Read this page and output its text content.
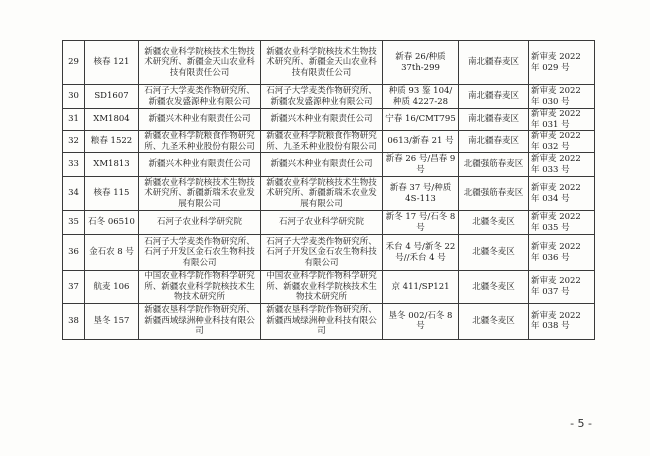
29	核春 121	新疆农业科学院核技术生物技术研究所、新疆金天山农业科技有限责任公司	新疆农业科学院核技术生物技术研究所、新疆金天山农业科技有限责任公司	新春 26/种质 37th-299	南北疆春麦区	新审麦 2022 年 029 号
30	SD1607	石河子大学麦类作物研究所、新疆农发盛源种业有限公司	石河子大学麦类作物研究所、新疆农发盛源种业有限公司	种质 93 鉴 104/种质 4227-28	南北疆春麦区	新审麦 2022 年 030 号
31	XM1804	新疆兴木种业有限责任公司	新疆兴木种业有限责任公司	宁春 16/CMT795	南北疆春麦区	新审麦 2022 年 031 号
32	粮春 1522	新疆农业科学院粮食作物研究所、九圣禾种业股份有限公司	新疆农业科学院粮食作物研究所、九圣禾种业股份有限公司	0613/新春 21 号	南北疆春麦区	新审麦 2022 年 032 号
33	XM1813	新疆兴木种业有限责任公司	新疆兴木种业有限责任公司	新春 26 号/昌春 9 号	北疆强筋春麦区	新审麦 2022 年 033 号
34	核春 115	新疆农业科学院核技术生物技术研究所、新疆新瑞禾农业发展有限公司	新疆农业科学院核技术生物技术研究所、新疆新瑞禾农业发展有限公司	新春 37 号/种质 4S-113	北疆强筋春麦区	新审麦 2022 年 034 号
35	石冬 06510	石河子农业科学研究院	石河子农业科学研究院	新冬 17 号/石冬 8 号	北疆冬麦区	新审麦 2022 年 035 号
36	金石农 8 号	石河子大学麦类作物研究所、石河子开发区金石农生物科技有限公司	石河子大学麦类作物研究所、石河子开发区金石农生物科技有限公司	禾台 4 号/新冬 22 号//禾台 4 号	北疆冬麦区	新审麦 2022 年 036 号
37	航麦 106	中国农业科学院作物科学研究所、新疆农业科学院核技术生物技术研究所	中国农业科学院作物科学研究所、新疆农业科学院核技术生物技术研究所	京 411/SP121	北疆冬麦区	新审麦 2022 年 037 号
38	垦冬 157	新疆农垦科学院作物研究所、新疆西域绿洲种业科技有限公司	新疆农垦科学院作物研究所、新疆西域绿洲种业科技有限公司	垦冬 002/石冬 8 号	北疆冬麦区	新审麦 2022 年 038 号
- 5 -
